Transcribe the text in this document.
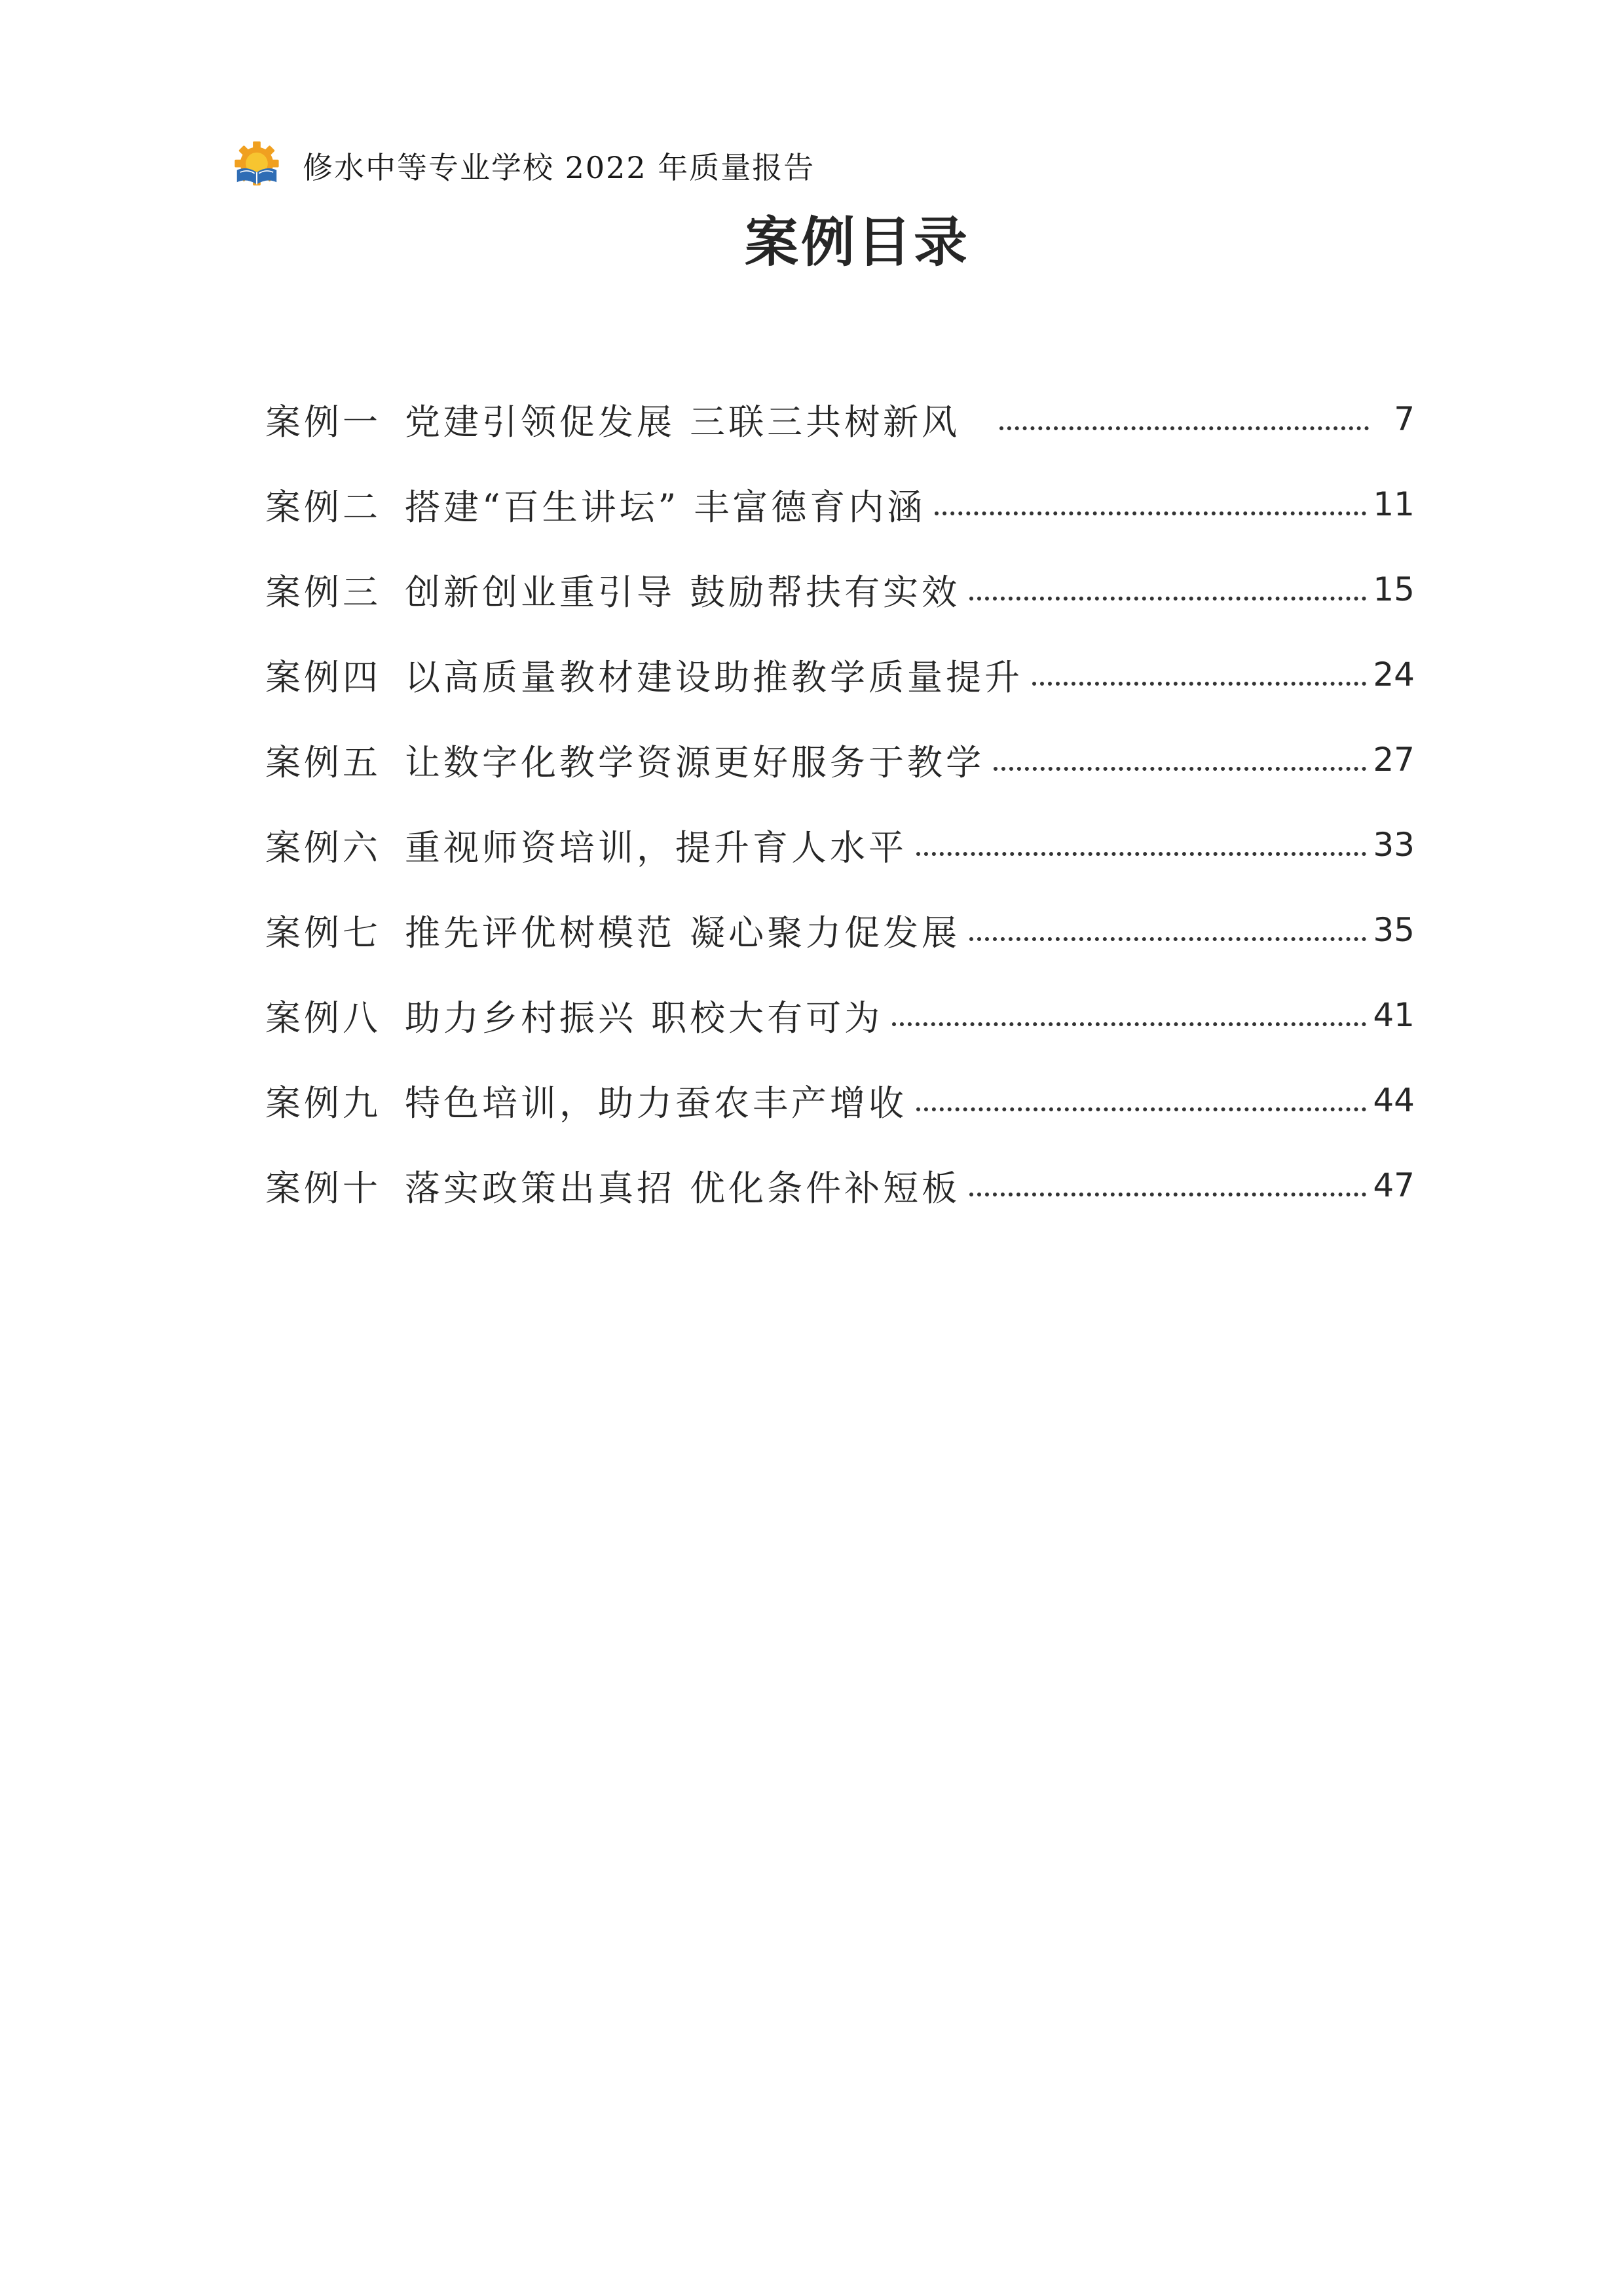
修水中等专业学校 2022 年质量报告
案例目录
案例一 党建引领促发展 三联三共树新风	7
案例二 搭建“百生讲坛” 丰富德育内涵	11
案例三 创新创业重引导 鼓励帮扶有实效	15
案例四 以高质量教材建设助推教学质量提升	24
案例五 让数字化教学资源更好服务于教学	27
案例六 重视师资培训，提升育人水平	33
案例七 推先评优树模范 凝心聚力促发展	35
案例八 助力乡村振兴 职校大有可为	41
案例九 特色培训，助力蚕农丰产增收	44
案例十 落实政策出真招 优化条件补短板	47
